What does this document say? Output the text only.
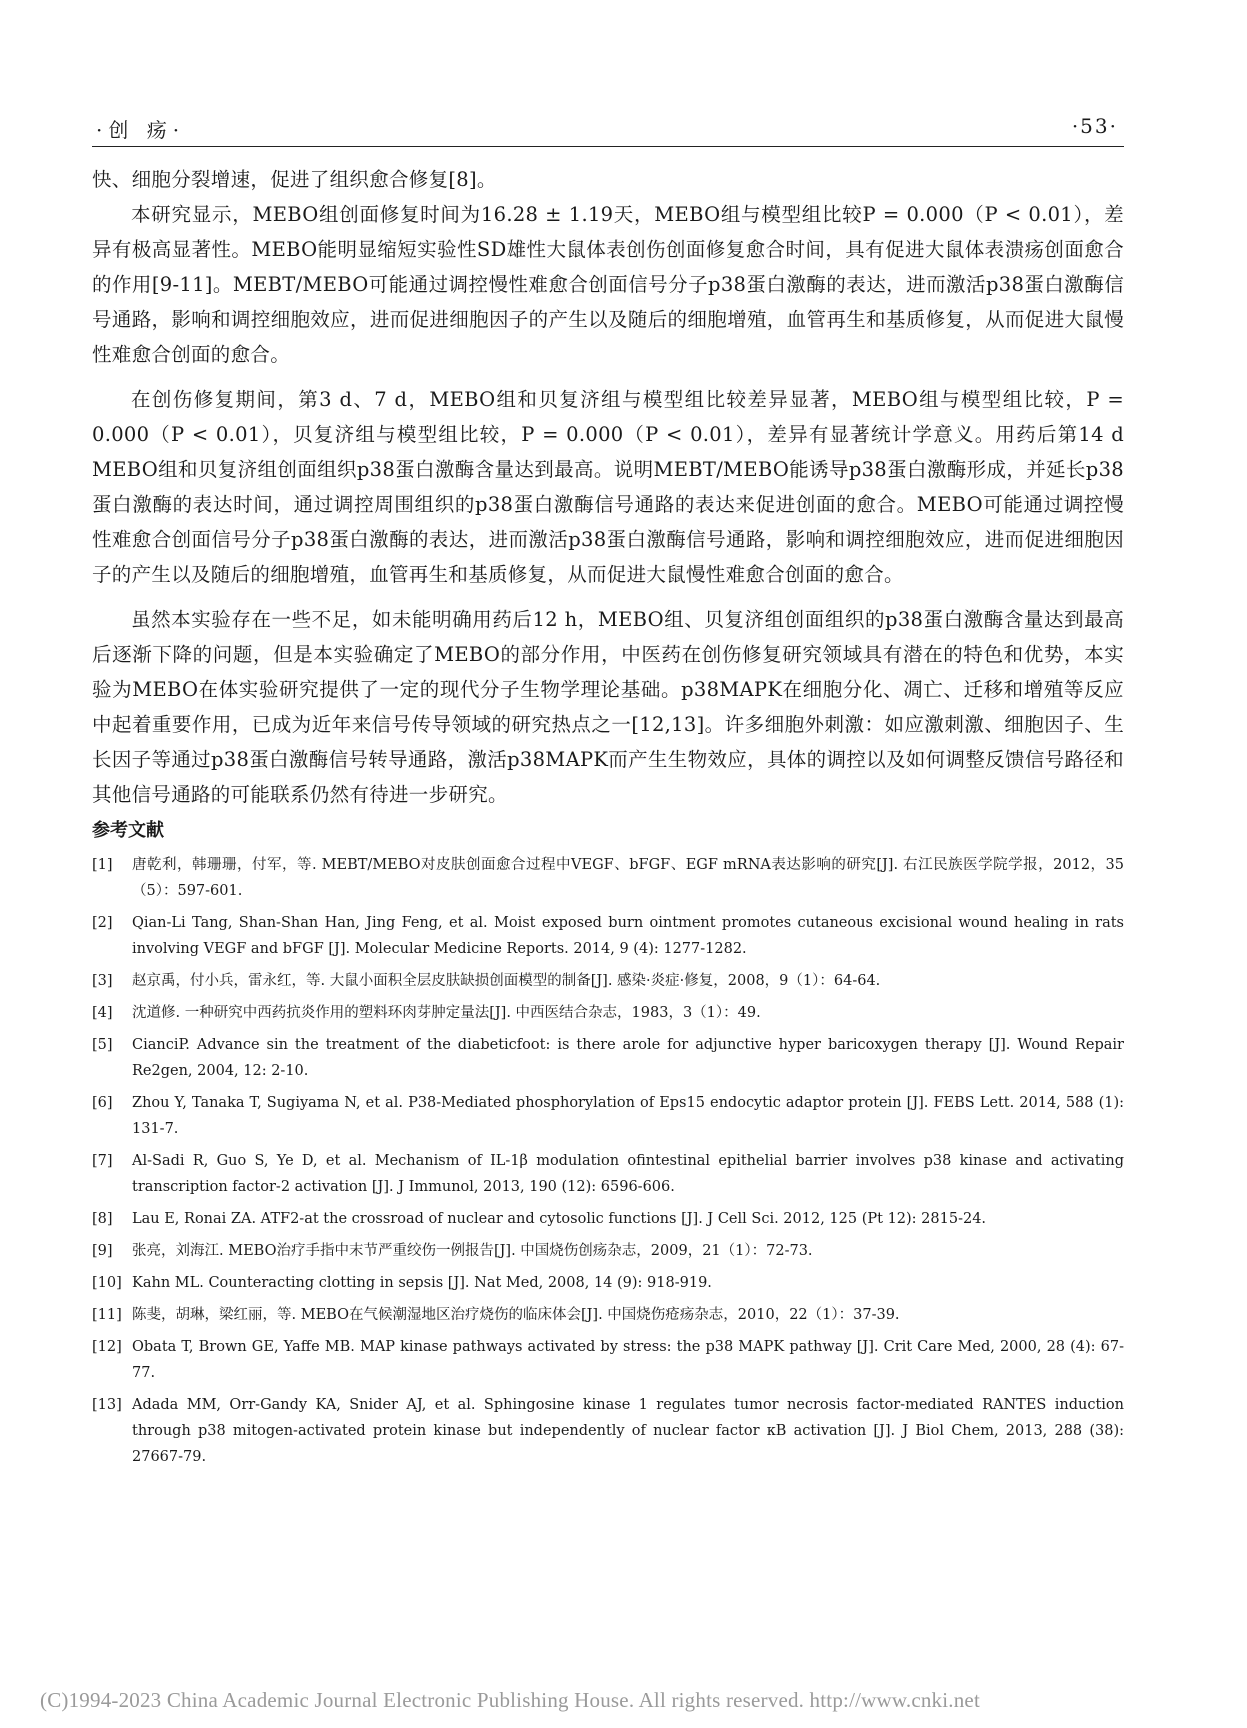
·创 疡·	·53·

快、细胞分裂增速，促进了组织愈合修复[8]。

本研究显示，MEBO组创面修复时间为16.28 ± 1.19天，MEBO组与模型组比较P = 0.000（P < 0.01），差异有极高显著性。MEBO能明显缩短实验性SD雄性大鼠体表创伤创面修复愈合时间，具有促进大鼠体表溃疡创面愈合的作用[9-11]。MEBT/MEBO可能通过调控慢性难愈合创面信号分子p38蛋白激酶的表达，进而激活p38蛋白激酶信号通路，影响和调控细胞效应，进而促进细胞因子的产生以及随后的细胞增殖，血管再生和基质修复，从而促进大鼠慢性难愈合创面的愈合。

在创伤修复期间，第3 d、7 d，MEBO组和贝复济组与模型组比较差异显著，MEBO组与模型组比较，P = 0.000（P < 0.01），贝复济组与模型组比较，P = 0.000（P < 0.01），差异有显著统计学意义。用药后第14 d MEBO组和贝复济组创面组织p38蛋白激酶含量达到最高。说明MEBT/MEBO能诱导p38蛋白激酶形成，并延长p38蛋白激酶的表达时间，通过调控周围组织的p38蛋白激酶信号通路的表达来促进创面的愈合。MEBO可能通过调控慢性难愈合创面信号分子p38蛋白激酶的表达，进而激活p38蛋白激酶信号通路，影响和调控细胞效应，进而促进细胞因子的产生以及随后的细胞增殖，血管再生和基质修复，从而促进大鼠慢性难愈合创面的愈合。

虽然本实验存在一些不足，如未能明确用药后12 h，MEBO组、贝复济组创面组织的p38蛋白激酶含量达到最高后逐渐下降的问题，但是本实验确定了MEBO的部分作用，中医药在创伤修复研究领域具有潜在的特色和优势，本实验为MEBO在体实验研究提供了一定的现代分子生物学理论基础。p38MAPK在细胞分化、凋亡、迁移和增殖等反应中起着重要作用，已成为近年来信号传导领域的研究热点之一[12,13]。许多细胞外刺激：如应激刺激、细胞因子、生长因子等通过p38蛋白激酶信号转导通路，激活p38MAPK而产生生物效应，具体的调控以及如何调整反馈信号路径和其他信号通路的可能联系仍然有待进一步研究。

参考文献
[1] 唐乾利，韩珊珊，付军，等. MEBT/MEBO对皮肤创面愈合过程中VEGF、bFGF、EGF mRNA表达影响的研究[J]. 右江民族医学院学报，2012，35（5）：597-601.
[2] Qian-Li Tang, Shan-Shan Han, Jing Feng, et al. Moist exposed burn ointment promotes cutaneous excisional wound healing in rats involving VEGF and bFGF [J]. Molecular Medicine Reports. 2014, 9 (4): 1277-1282.
[3] 赵京禹，付小兵，雷永红，等. 大鼠小面积全层皮肤缺损创面模型的制备[J]. 感染·炎症·修复，2008，9（1）：64-64.
[4] 沈道修. 一种研究中西药抗炎作用的塑料环肉芽肿定量法[J]. 中西医结合杂志，1983，3（1）：49.
[5] CianciP. Advance sin the treatment of the diabeticfoot: is there arole for adjunctive hyper baricoxygen therapy [J]. Wound Repair Re2gen, 2004, 12: 2-10.
[6] Zhou Y, Tanaka T, Sugiyama N, et al. P38-Mediated phosphorylation of Eps15 endocytic adaptor protein [J]. FEBS Lett. 2014, 588 (1): 131-7.
[7] Al-Sadi R, Guo S, Ye D, et al. Mechanism of IL-1β modulation ofintestinal epithelial barrier involves p38 kinase and activating transcription factor-2 activation [J]. J Immunol, 2013, 190 (12): 6596-606.
[8] Lau E, Ronai ZA. ATF2-at the crossroad of nuclear and cytosolic functions [J]. J Cell Sci. 2012, 125 (Pt 12): 2815-24.
[9] 张亮，刘海江. MEBO治疗手指中末节严重绞伤一例报告[J]. 中国烧伤创疡杂志，2009，21（1）：72-73.
[10] Kahn ML. Counteracting clotting in sepsis [J]. Nat Med, 2008, 14 (9): 918-919.
[11] 陈斐，胡琳，梁红丽，等. MEBO在气候潮湿地区治疗烧伤的临床体会[J]. 中国烧伤疮疡杂志，2010，22（1）：37-39.
[12] Obata T, Brown GE, Yaffe MB. MAP kinase pathways activated by stress: the p38 MAPK pathway [J]. Crit Care Med, 2000, 28 (4): 67-77.
[13] Adada MM, Orr-Gandy KA, Snider AJ, et al. Sphingosine kinase 1 regulates tumor necrosis factor-mediated RANTES induction through p38 mitogen-activated protein kinase but independently of nuclear factor κB activation [J]. J Biol Chem, 2013, 288 (38): 27667-79.
(C)1994-2023 China Academic Journal Electronic Publishing House. All rights reserved. http://www.cnki.net
